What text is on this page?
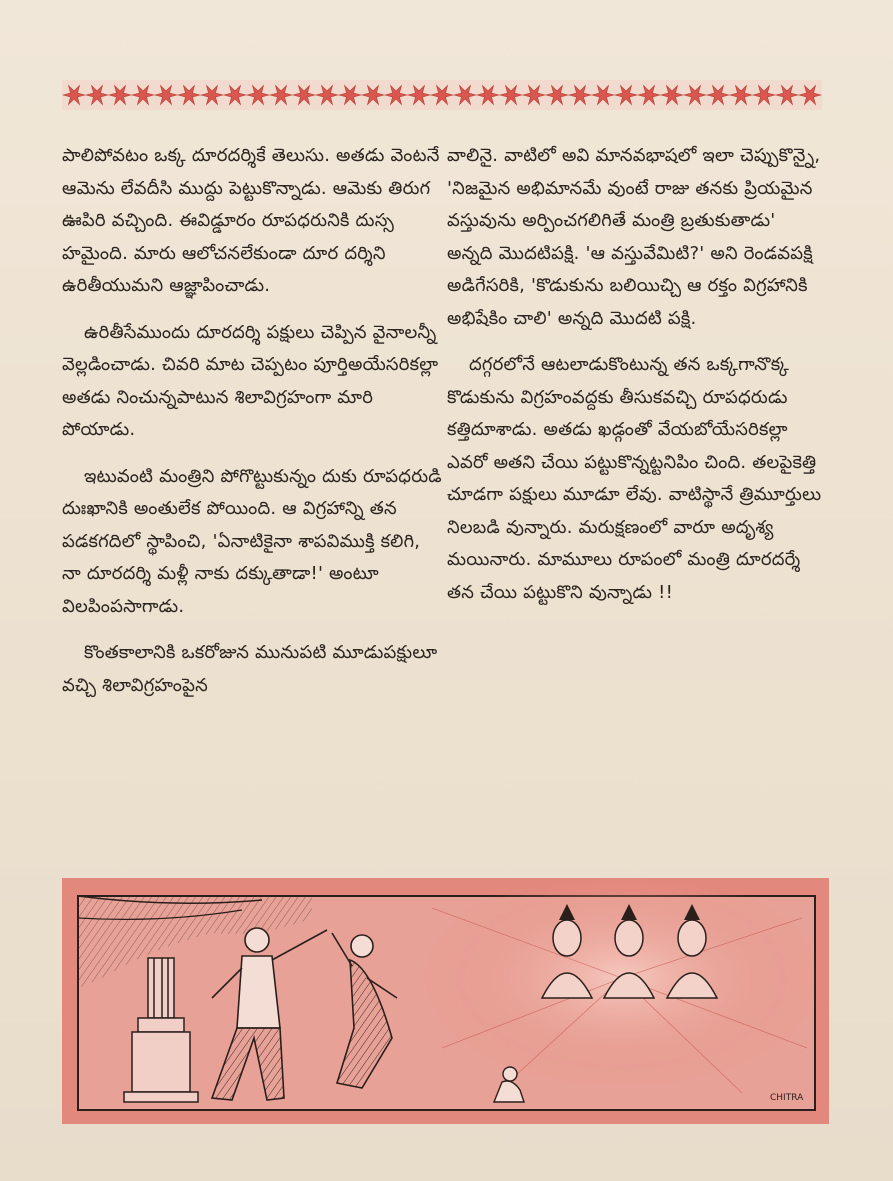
పాలిపోవటం ఒక్క దూరదర్శికే తెలుసు. అతడు వెంటనే ఆమెను లేవదీసి ముద్దు పెట్టుకొన్నాడు. ఆమెకు తిరుగ ఊపిరి వచ్చింది. ఈవిడ్డూరం రూపధరునికి దుస్స హమైంది. మారు ఆలోచనలేకుండా దూర దర్శిని ఉరితీయుమని ఆజ్ఞాపించాడు.

ఉరితీసేముందు దూరదర్శి పక్షులు చెప్పిన వైనాలన్నీ వెల్లడించాడు. చివరి మాట చెప్పటం పూర్తిఅయేసరికల్లా అతడు నించున్నపాటున శిలావిగ్రహంగా మారి పోయాడు.

ఇటువంటి మంత్రిని పోగొట్టుకున్నం దుకు రూపధరుడి దుఃఖానికి అంతులేక పోయింది. ఆ విగ్రహాన్ని తన పడకగదిలో స్థాపించి, 'ఏనాటికైనా శాపవిముక్తి కలిగి, నా దూరదర్శి మళ్లీ నాకు దక్కుతాడా!' అంటూ విలపింపసాగాడు.

కొంతకాలానికి ఒకరోజున మునుపటి మూడుపక్షులూ వచ్చి శిలావిగ్రహంపైన

వాలినై. వాటిలో అవి మానవభాషలో ఇలా చెప్పుకొన్నై, 'నిజమైన అభిమానమే వుంటే రాజు తనకు ప్రియమైన వస్తువును అర్పించగలిగితే మంత్రి బ్రతుకుతాడు' అన్నది మొదటిపక్షి. 'ఆ వస్తువేమిటి?' అని రెండవపక్షి అడిగేసరికి, 'కొడుకును బలియిచ్చి ఆ రక్తం విగ్రహానికి అభిషేకిం చాలి' అన్నది మొదటి పక్షి.

దగ్గరలోనే ఆటలాడుకొంటున్న తన ఒక్కగానొక్క కొడుకును విగ్రహంవద్దకు తీసుకవచ్చి రూపధరుడు కత్తిదూశాడు. అతడు ఖడ్గంతో వేయబోయేసరికల్లా ఎవరో అతని చేయి పట్టుకొన్నట్టనిపిం చింది. తలపైకెత్తి చూడగా పక్షులు మూడూ లేవు. వాటిస్థానే త్రిమూర్తులు నిలబడి వున్నారు. మరుక్షణంలో వారూ అదృశ్య మయినారు. మామూలు రూపంలో మంత్రి దూరదర్శే తన చేయి పట్టుకొని వున్నాడు !!

CHITRA
